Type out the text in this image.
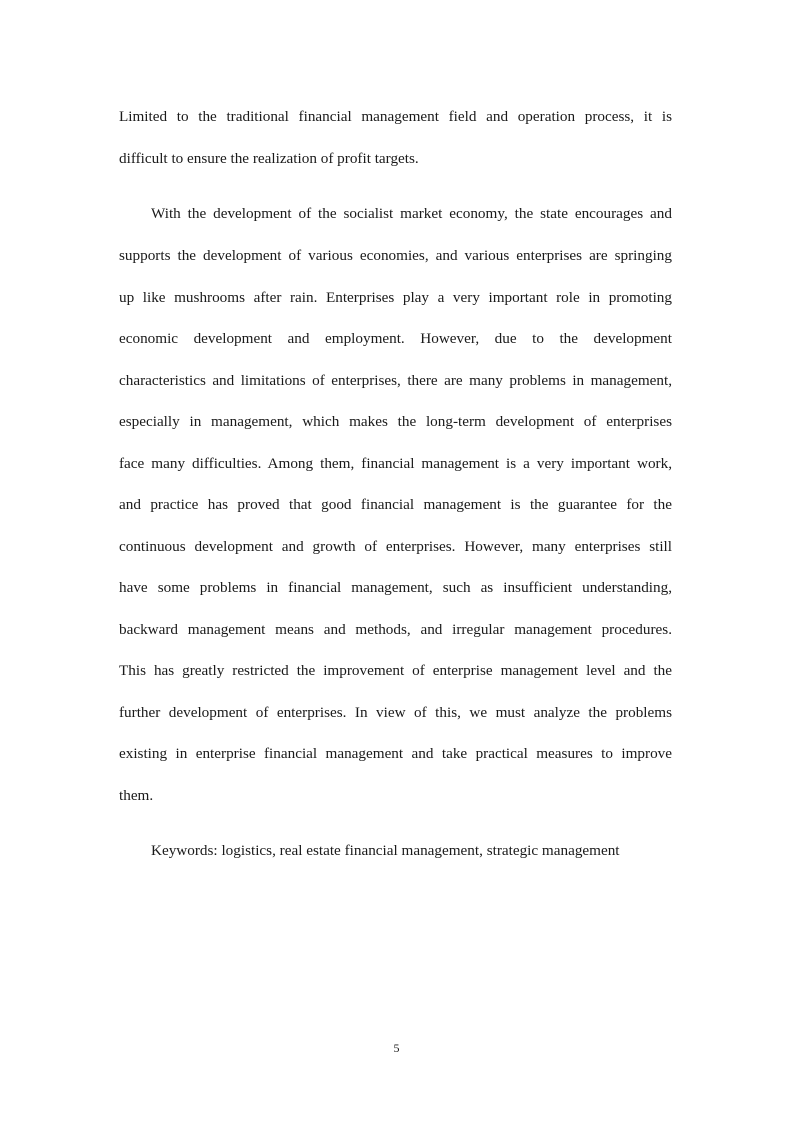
Limited to the traditional financial management field and operation process, it is
difficult to ensure the realization of profit targets.
With the development of the socialist market economy, the state encourages and
supports the development of various economies, and various enterprises are springing
up like mushrooms after rain. Enterprises play a very important role in promoting
economic development and employment. However, due to the development
characteristics and limitations of enterprises, there are many problems in management,
especially in management, which makes the long-term development of enterprises
face many difficulties. Among them, financial management is a very important work,
and practice has proved that good financial management is the guarantee for the
continuous development and growth of enterprises. However, many enterprises still
have some problems in financial management, such as insufficient understanding,
backward management means and methods, and irregular management procedures.
This has greatly restricted the improvement of enterprise management level and the
further development of enterprises. In view of this, we must analyze the problems
existing in enterprise financial management and take practical measures to improve
them.
Keywords: logistics, real estate financial management, strategic management
5
